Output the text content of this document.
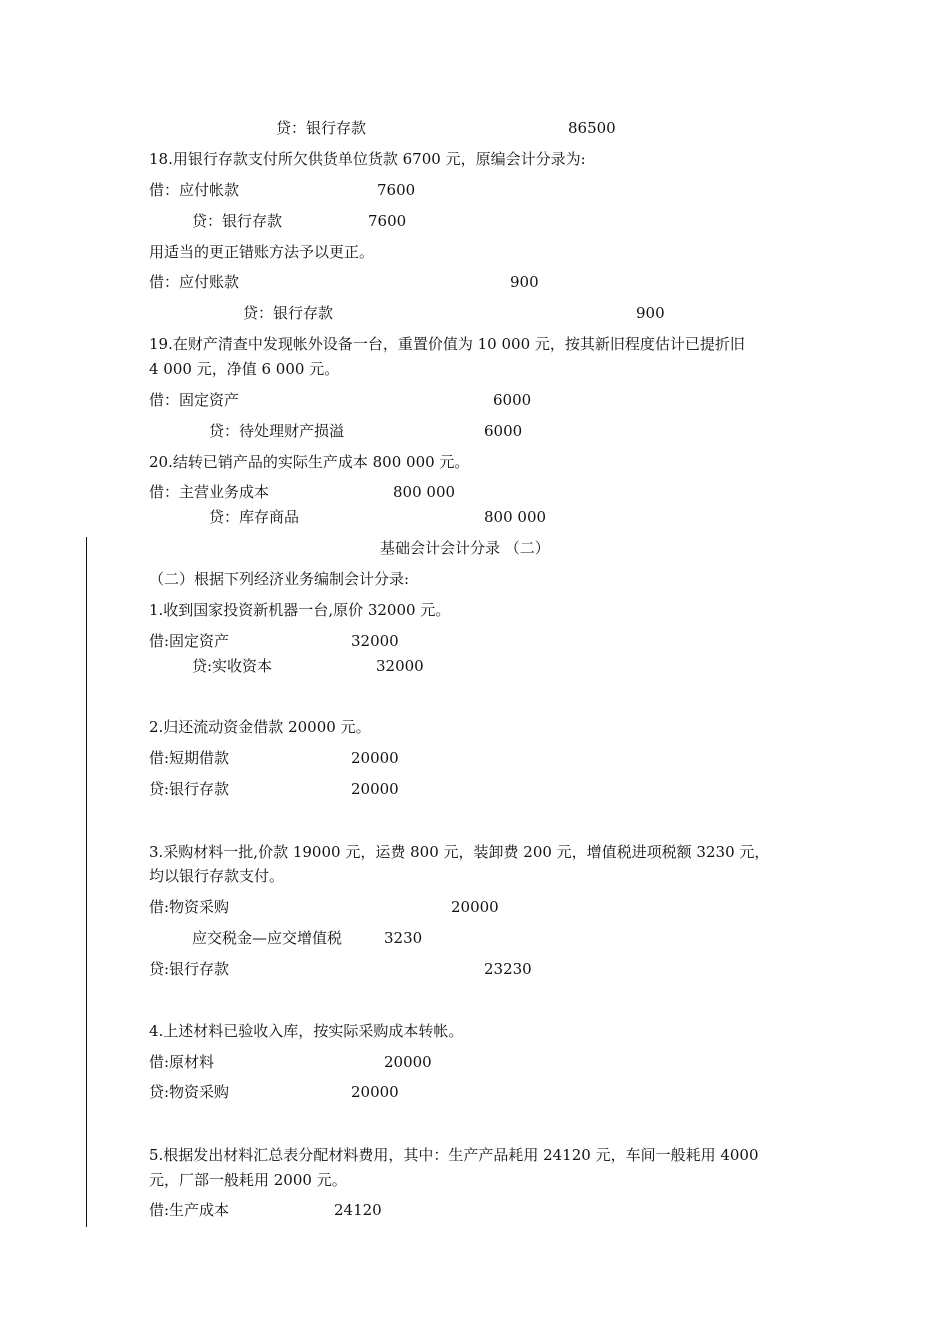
贷：银行存款	86500
18.用银行存款支付所欠供货单位货款 6700 元，原编会计分录为:
借：应付帐款	7600
贷：银行存款	7600
用适当的更正错账方法予以更正。
借：应付账款	900
贷：银行存款	900
19.在财产清查中发现帐外设备一台，重置价值为 10 000 元，按其新旧程度估计已提折旧
4 000 元，净值 6 000 元。
借：固定资产	6000
贷：待处理财产损溢	6000
20.结转已销产品的实际生产成本 800 000 元。
借：主营业务成本	800 000
贷：库存商品	800 000
基础会计会计分录 （二）
（二）根据下列经济业务编制会计分录:
1.收到国家投资新机器一台,原价 32000 元。
借:固定资产	32000
贷:实收资本	32000
2.归还流动资金借款 20000 元。
借:短期借款	20000
贷:银行存款	20000
3.采购材料一批,价款 19000 元，运费 800 元，装卸费 200 元，增值税进项税额 3230 元，
均以银行存款支付。
借:物资采购	20000
应交税金—应交增值税	3230
贷:银行存款	23230
4.上述材料已验收入库，按实际采购成本转帐。
借:原材料	20000
贷:物资采购	20000
5.根据发出材料汇总表分配材料费用，其中：生产产品耗用 24120 元，车间一般耗用 4000
元，厂部一般耗用 2000 元。
借:生产成本	24120
